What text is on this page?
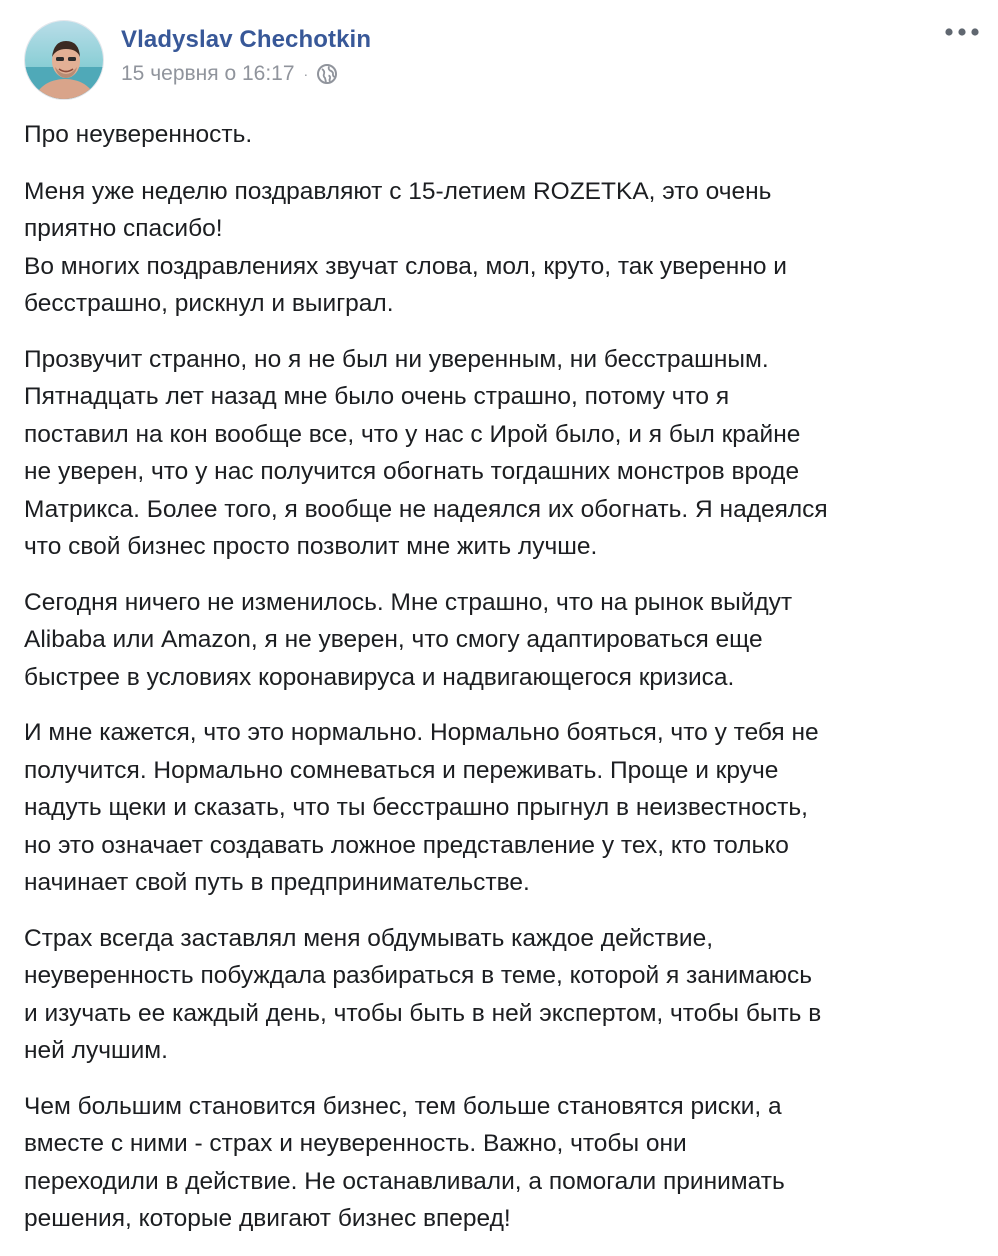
Vladyslav Chechotkin
15 червня о 16:17 ·

Про неуверенность.

Меня уже неделю поздравляют с 15-летием ROZETKA, это очень
приятно спасибо!
Во многих поздравлениях звучат слова, мол, круто, так уверенно и
бесстрашно, рискнул и выиграл.

Прозвучит странно, но я не был ни уверенным, ни бесстрашным.
Пятнадцать лет назад мне было очень страшно, потому что я
поставил на кон вообще все, что у нас с Ирой было, и я был крайне
не уверен, что у нас получится обогнать тогдашних монстров вроде
Матрикса. Более того, я вообще не надеялся их обогнать. Я надеялся
что свой бизнес просто позволит мне жить лучше.

Сегодня ничего не изменилось. Мне страшно, что на рынок выйдут
Alibaba или Amazon, я не уверен, что смогу адаптироваться еще
быстрее в условиях коронавируса и надвигающегося кризиса.

И мне кажется, что это нормально. Нормально бояться, что у тебя не
получится. Нормально сомневаться и переживать. Проще и круче
надуть щеки и сказать, что ты бесстрашно прыгнул в неизвестность,
но это означает создавать ложное представление у тех, кто только
начинает свой путь в предпринимательстве.

Страх всегда заставлял меня обдумывать каждое действие,
неуверенность побуждала разбираться в теме, которой я занимаюсь
и изучать ее каждый день, чтобы быть в ней экспертом, чтобы быть в
ней лучшим.

Чем большим становится бизнес, тем больше становятся риски, а
вместе с ними - страх и неуверенность. Важно, чтобы они
переходили в действие. Не останавливали, а помогали принимать
решения, которые двигают бизнес вперед!
